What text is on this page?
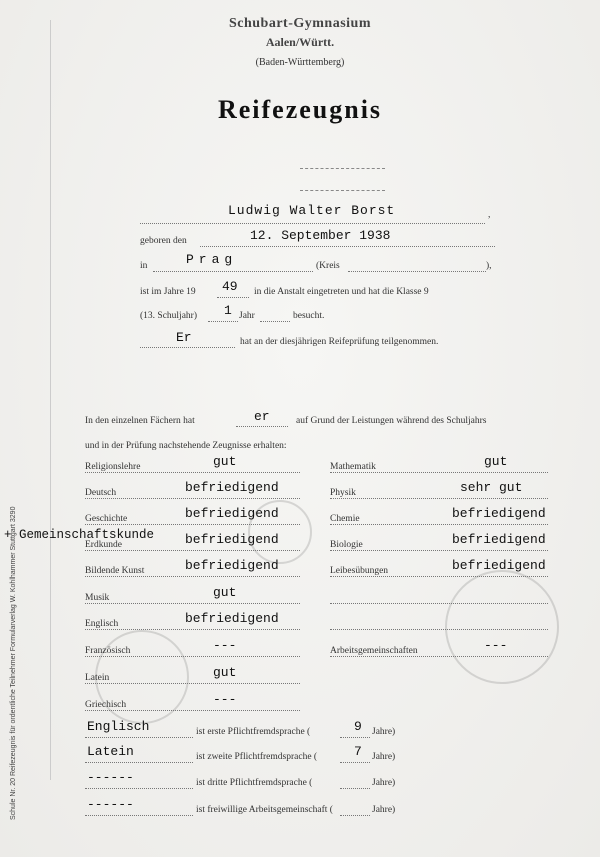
Schubart-Gymnasium
Aalen/Württ.
(Baden-Württemberg)
Reifezeugnis
Ludwig Walter Borst	,
geboren den	12. September 1938
in	Prag	(Kreis	),
ist im Jahre 19 49 in die Anstalt eingetreten und hat die Klasse 9
(13. Schuljahr) 1 Jahr	besucht.
Er	hat an der diesjährigen Reifeprüfung teilgenommen.
In den einzelnen Fächern hat	er	auf Grund der Leistungen während des Schuljahrs
und in der Prüfung nachstehende Zeugnisse erhalten:
+ Gemeinschaftskunde
Religionslehre	gut
Deutsch	befriedigend
Geschichte	befriedigend
Erdkunde	befriedigend
Bildende Kunst	befriedigend
Musik	gut
Englisch	befriedigend
Französisch	---
Latein	gut
Griechisch	---
Mathematik	gut
Physik	sehr gut
Chemie	befriedigend
Biologie	befriedigend
Leibesübungen	befriedigend
Arbeitsgemeinschaften	---
Englisch	ist erste Pflichtfremdsprache (	9 Jahre)
Latein	ist zweite Pflichtfremdsprache (	7 Jahre)
------	ist dritte Pflichtfremdsprache (	Jahre)
------	ist freiwillige Arbeitsgemeinschaft (	Jahre)
Schule Nr. 20 Reifezeugnis für ordentliche Teilnehmer Formularverlag W. Kohlhammer Stuttgart 3290
